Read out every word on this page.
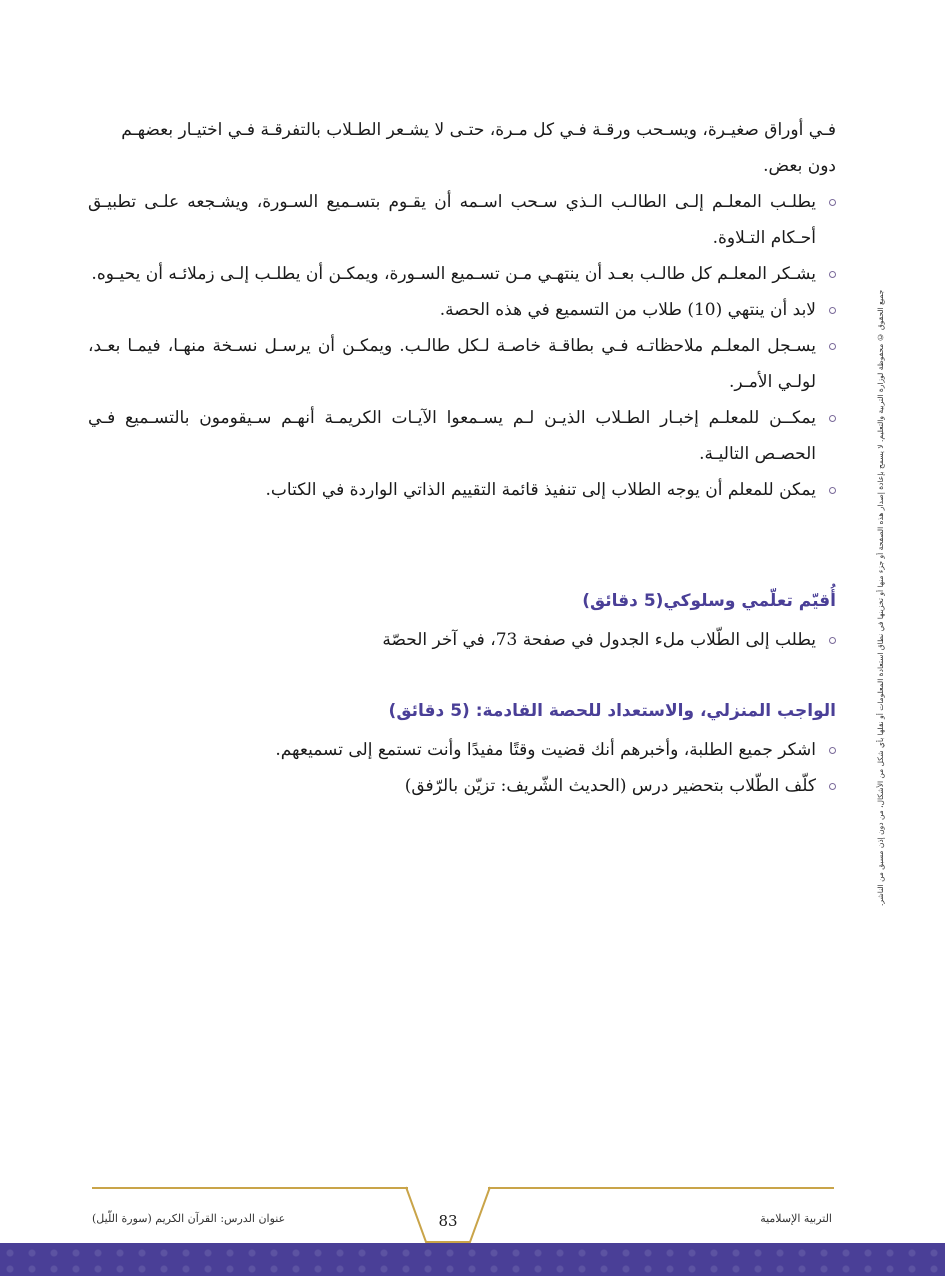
فـي أوراق صغيـرة، ويسـحب ورقـة فـي كل مـرة، حتـى لا يشـعر الطـلاب بالتفرقـة فـي اختيـار بعضهـم
دون بعض.
يطلـب المعلـم إلـى الطالـب الـذي سـحب اسـمه أن يقـوم بتسـميع السـورة، ويشـجعه علـى تطبيـق أحـكام التـلاوة.
يشـكر المعلـم كل طالـب بعـد أن ينتهـي مـن تسـميع السـورة، ويمكـن أن يطلـب إلـى زملائـه أن يحيـوه.
لابد أن ينتهي (10) طلاب من التسميع في هذه الحصة.
يسـجل المعلـم ملاحظاتـه فـي بطاقـة خاصـة لـكل طالـب. ويمكـن أن يرسـل نسـخة منهـا، فيمـا بعـد، لولـي الأمـر.
يمكــن للمعلـم إخبـار الطـلاب الذيـن لـم يسـمعوا الآيـات الكريمـة أنهـم سـيقومون بالتسـميع فـي الحصـص التاليـة.
يمكن للمعلم أن يوجه الطلاب إلى تنفيذ قائمة التقييم الذاتي الواردة في الكتاب.
أُقيّم تعلّمي وسلوكي(5 دقائق)
يطلب إلى الطّلاب ملء الجدول في صفحة 73، في آخر الحصّة
الواجب المنزلي، والاستعداد للحصة القادمة: (5 دقائق)
اشكر جميع الطلبة، وأخبرهم أنك قضيت وقتًا مفيدًا وأنت تستمع إلى تسميعهم.
كلّف الطّلاب بتحضير درس (الحديث الشّريف: تزيّن بالرّفق)	جميع الحقوق © محفوظة لوزارة التربية والتعليم. لا يسمح بإعادة إصدار هذه الصفحة أو جزء منها أو تخزينها في نطاق استعادة المعلومات أو نقلها بأي شكل من الأشكال، من دون إذن مسبق من الناشر.
83	التربية الإسلامية
عنوان الدرس: القرآن الكريم (سورة اللّيل)
